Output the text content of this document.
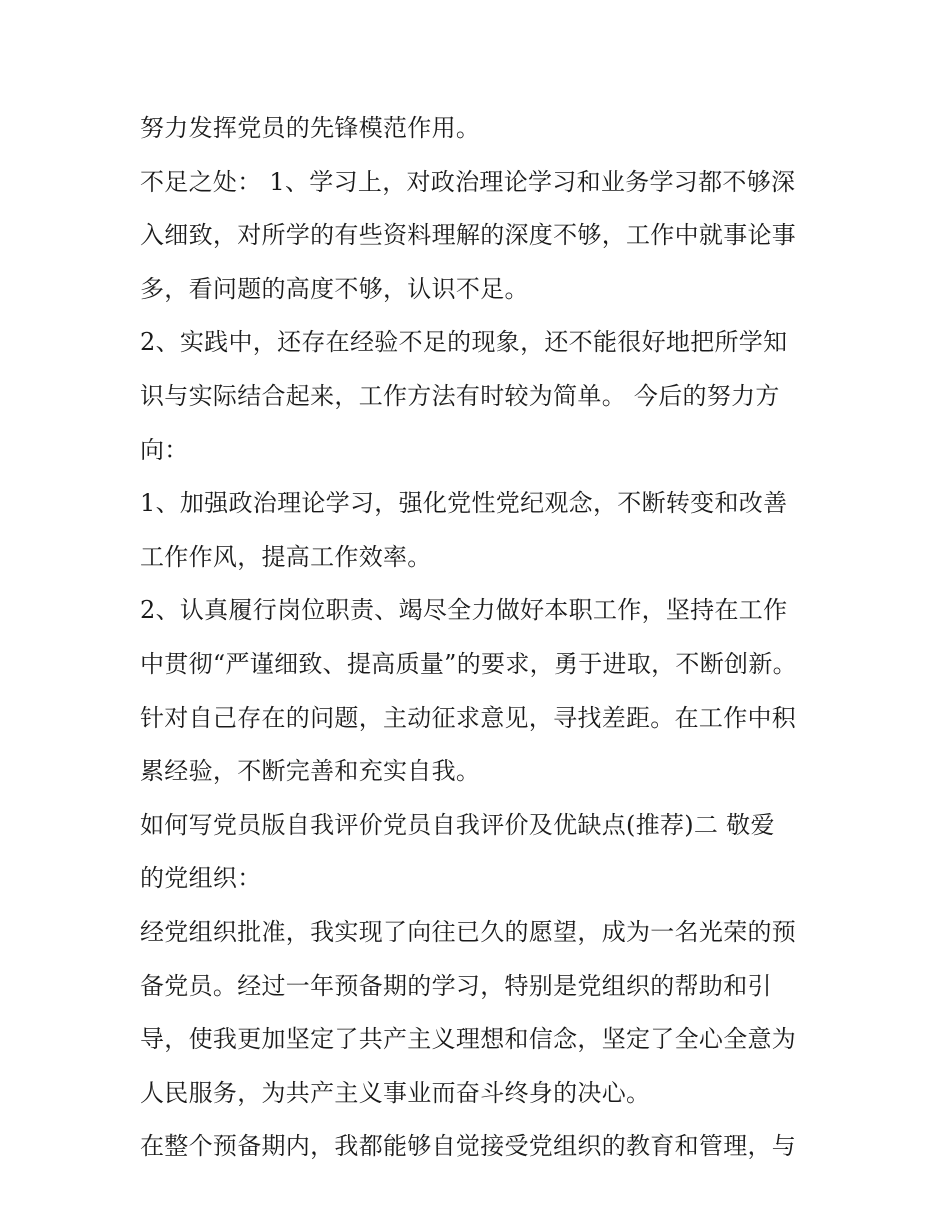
努力发挥党员的先锋模范作用。

不足之处： 1、学习上，对政治理论学习和业务学习都不够深

入细致，对所学的有些资料理解的深度不够，工作中就事论事

多，看问题的高度不够，认识不足。

2、实践中，还存在经验不足的现象，还不能很好地把所学知

识与实际结合起来，工作方法有时较为简单。 今后的努力方

向：

1、加强政治理论学习，强化党性党纪观念，不断转变和改善

工作作风，提高工作效率。

2、认真履行岗位职责、竭尽全力做好本职工作，坚持在工作

中贯彻“严谨细致、提高质量”的要求，勇于进取，不断创新。

针对自己存在的问题，主动征求意见，寻找差距。在工作中积

累经验，不断完善和充实自我。

如何写党员版自我评价党员自我评价及优缺点(推荐)二 敬爱

的党组织：

经党组织批准，我实现了向往已久的愿望，成为一名光荣的预

备党员。经过一年预备期的学习，特别是党组织的帮助和引

导，使我更加坚定了共产主义理想和信念，坚定了全心全意为

人民服务，为共产主义事业而奋斗终身的决心。

在整个预备期内，我都能够自觉接受党组织的教育和管理，与
